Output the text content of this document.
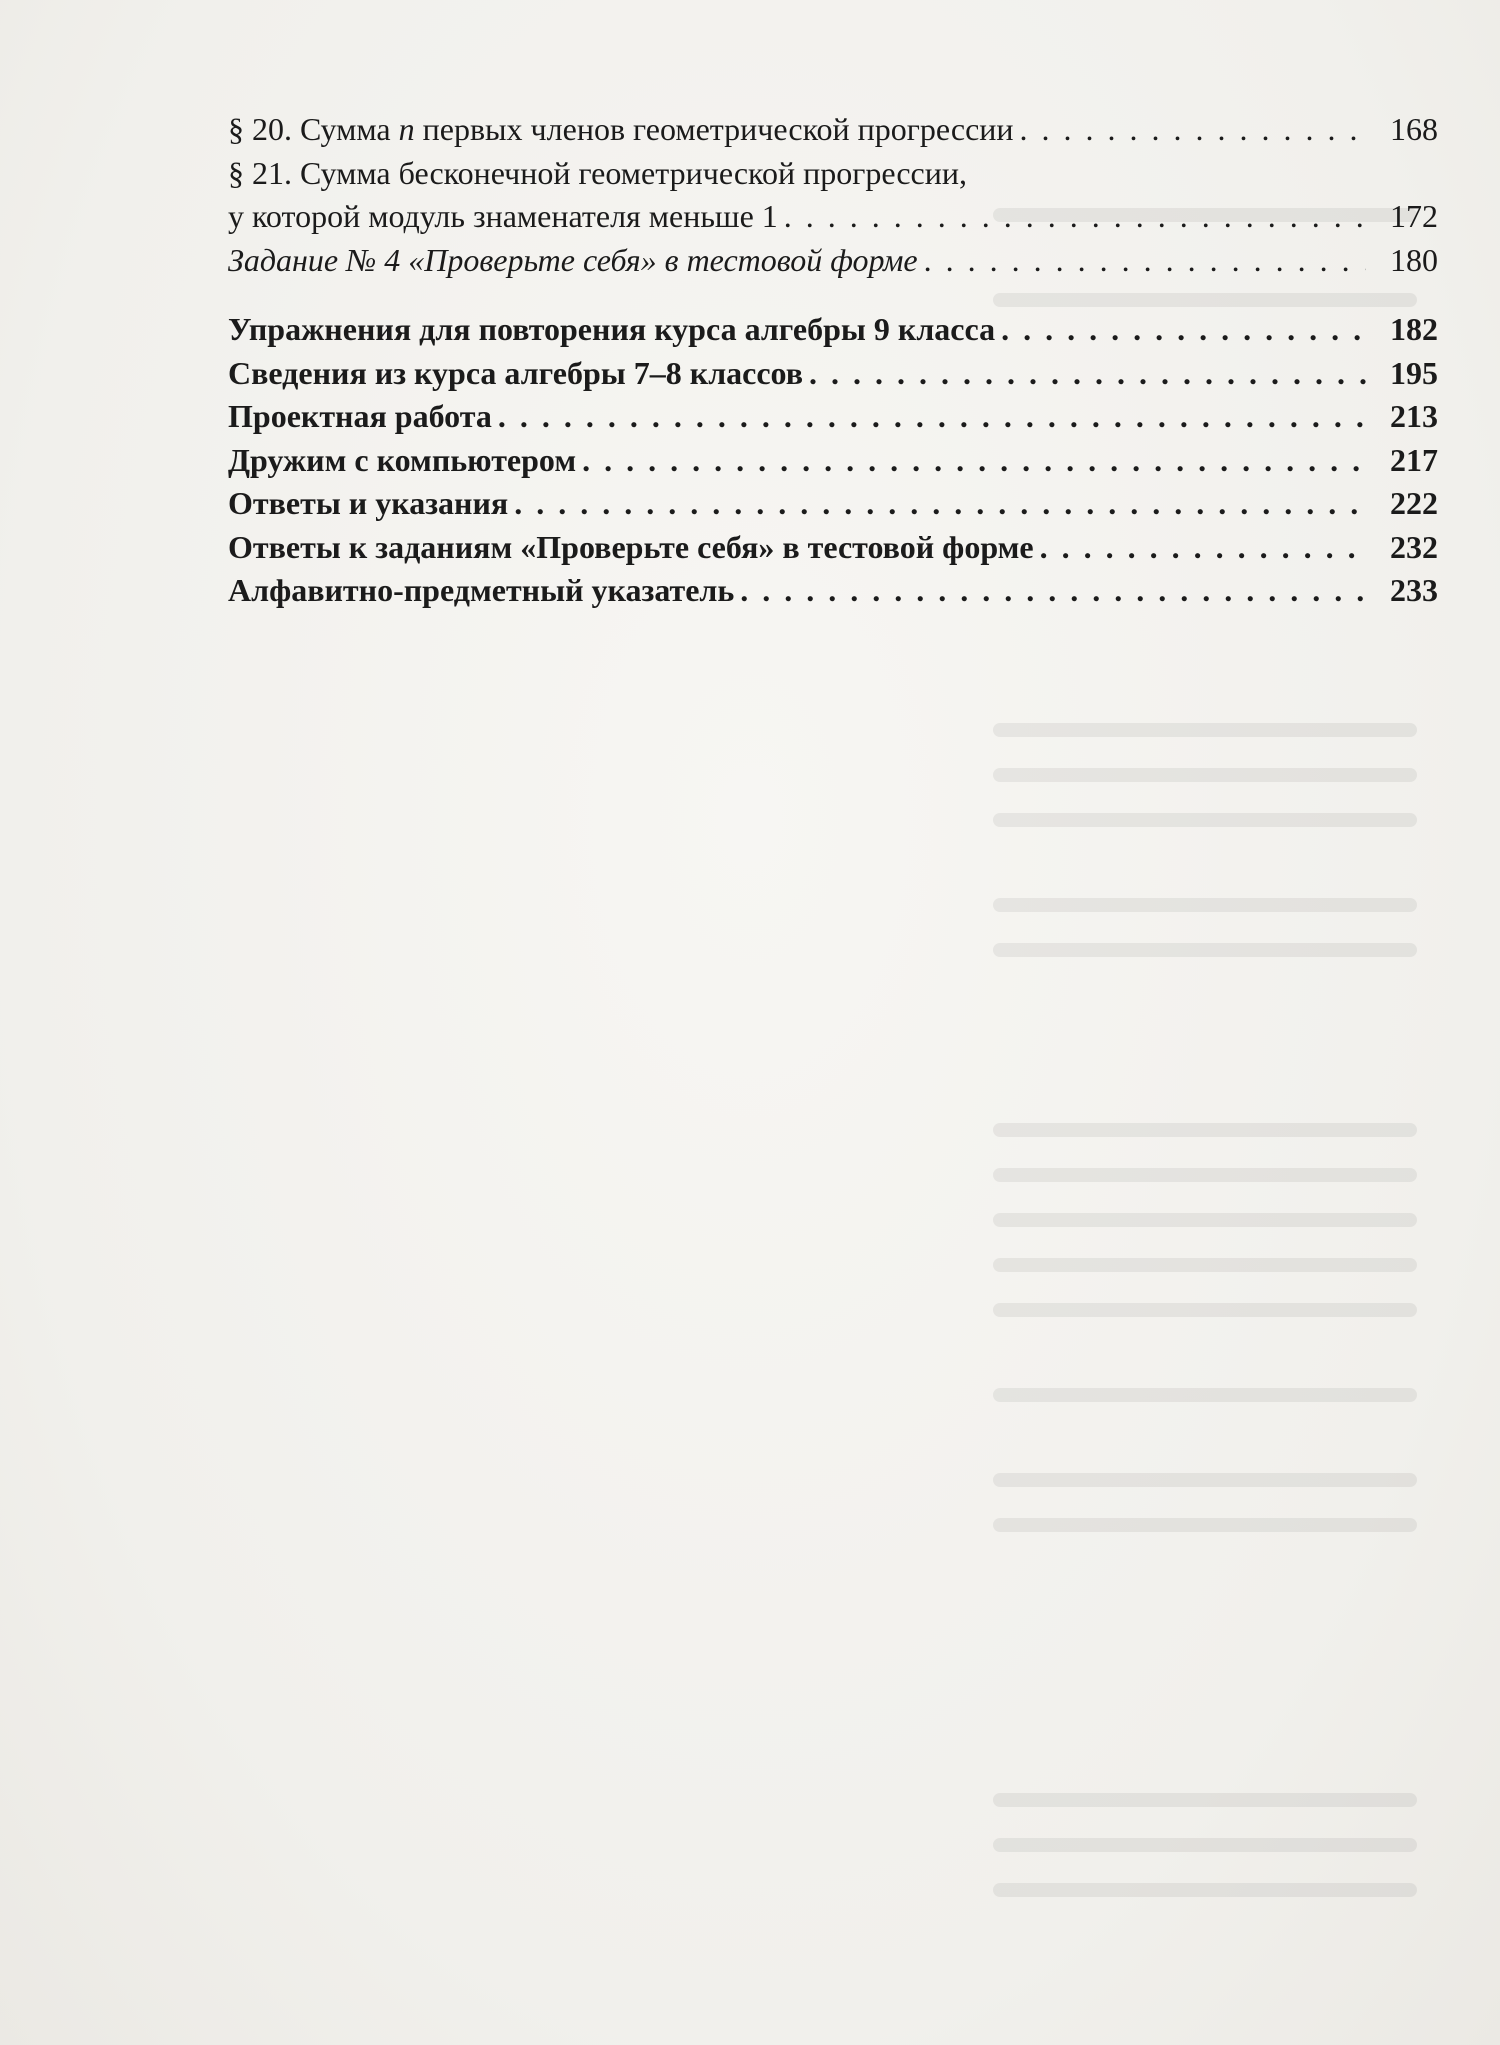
§ 20. Сумма n первых членов геометрической прогрессии . . .	168
§ 21. Сумма бесконечной геометрической прогрессии,
у которой модуль знаменателя меньше 1 . . .	172
Задание № 4 «Проверьте себя» в тестовой форме . . .	180
Упражнения для повторения курса алгебры 9 класса . . .	182
Сведения из курса алгебры 7–8 классов . . .	195
Проектная работа . . .	213
Дружим с компьютером . . .	217
Ответы и указания . . .	222
Ответы к заданиям «Проверьте себя» в тестовой форме . . .	232
Алфавитно-предметный указатель . . .	233
